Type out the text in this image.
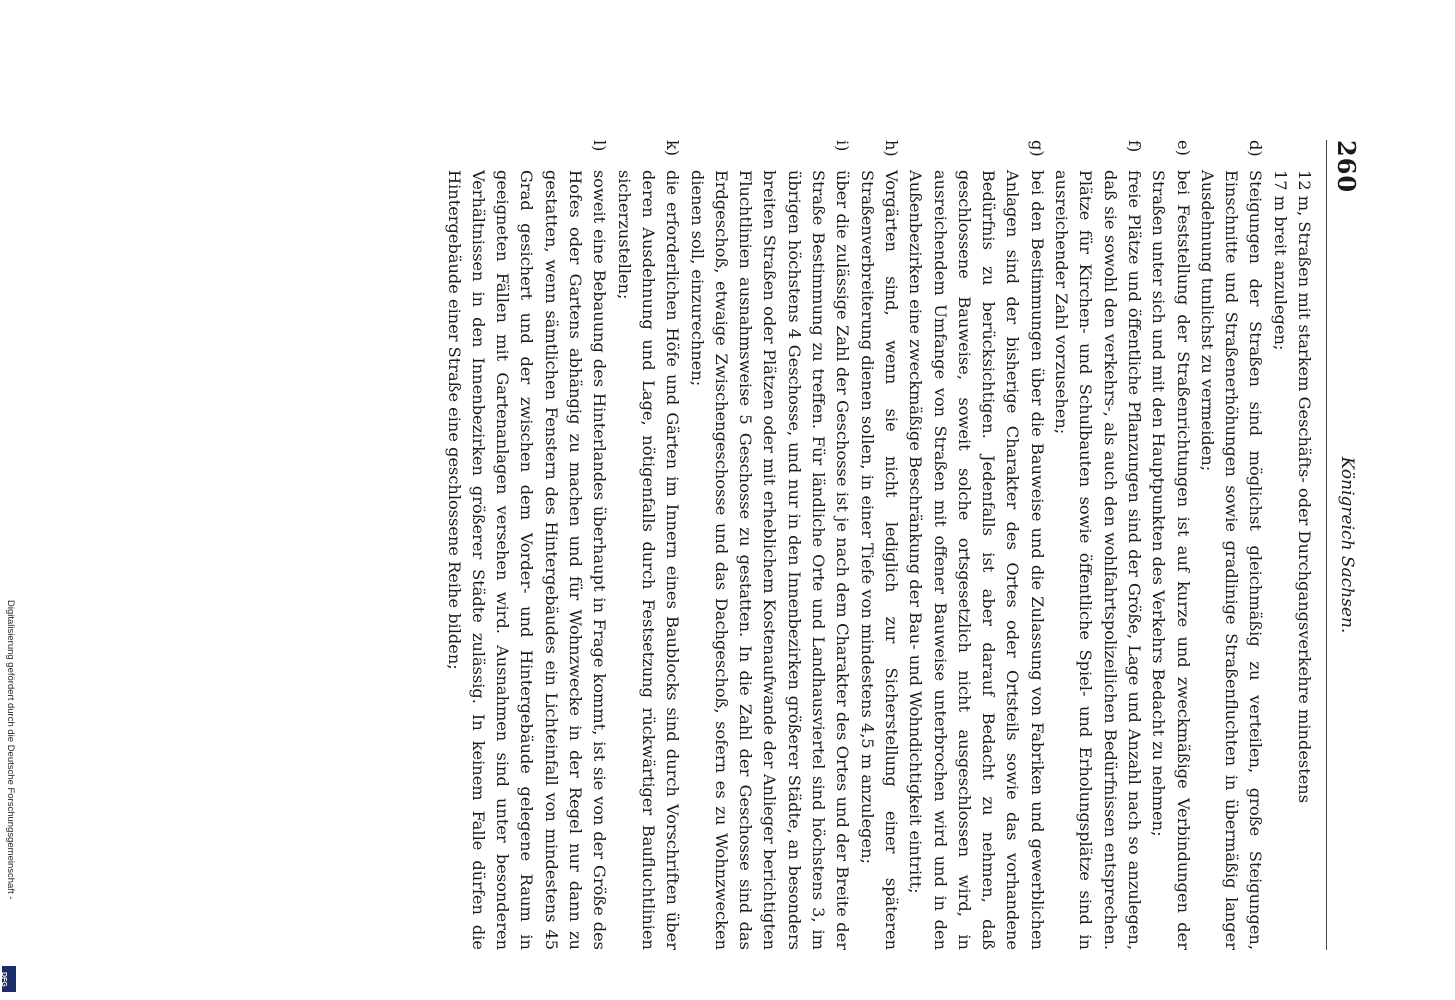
260
Königreich Sachsen.

12 m, Straßen mit starkem Geschäfts- oder Durchgangsverkehre mindestens

17 m breit anzulegen;

d)
Steigungen der Straßen sind möglichst gleichmäßig zu verteilen, große Steigungen, Einschnitte und Straßenerhöhungen sowie gradlinige Straßenfluchten in übermäßig langer Ausdehnung tunlichst zu vermeiden;
e)
bei Feststellung der Straßenrichtungen ist auf kurze und zweckmäßige Verbindungen der Straßen unter sich und mit den Hauptpunkten des Verkehrs Bedacht zu nehmen;
f)
freie Plätze und öffentliche Pflanzungen sind der Größe, Lage und Anzahl nach so anzulegen, daß sie sowohl den verkehrs-, als auch den wohlfahrtspolizeilichen Bedürfnissen entsprechen. Plätze für Kirchen- und Schulbauten sowie öffentliche Spiel- und Erholungsplätze sind in ausreichender Zahl vorzusehen;
g)
bei den Bestimmungen über die Bauweise und die Zulassung von Fabriken und gewerblichen Anlagen sind der bisherige Charakter des Ortes oder Ortsteils sowie das vorhandene Bedürfnis zu berücksichtigen. Jedenfalls ist aber darauf Bedacht zu nehmen, daß geschlossene Bauweise, soweit solche ortsgesetzlich nicht ausgeschlossen wird, in ausreichendem Umfange von Straßen mit offener Bauweise unterbrochen wird und in den Außenbezirken eine zweckmäßige Beschränkung der Bau- und Wohndichtigkeit eintritt;
h)
Vorgärten sind, wenn sie nicht lediglich zur Sicherstellung einer späteren Straßenverbreiterung dienen sollen, in einer Tiefe von mindestens 4,5 m anzulegen;
i)
über die zulässige Zahl der Geschosse ist je nach dem Charakter des Ortes und der Breite der Straße Bestimmung zu treffen. Für ländliche Orte und Landhausviertel sind höchstens 3, im übrigen höchstens 4 Geschosse, und nur in den Innenbezirken größerer Städte, an besonders breiten Straßen oder Plätzen oder mit erheblichem Kostenaufwande der Anlieger berichtigten Fluchtlinien ausnahmsweise 5 Geschosse zu gestatten. In die Zahl der Geschosse sind das Erdgeschoß, etwaige Zwischengeschosse und das Dachgeschoß, sofern es zu Wohnzwecken dienen soll, einzurechnen;
k)
die erforderlichen Höfe und Gärten im Innern eines Baublocks sind durch Vorschriften über deren Ausdehnung und Lage, nötigenfalls durch Festsetzung rückwärtiger Baufluchtlinien sicherzustellen;
l)
soweit eine Bebauung des Hinterlandes überhaupt in Frage kommt, ist sie von der Größe des Hofes oder Gartens abhängig zu machen und für Wohnzwecke in der Regel nur dann zu gestatten, wenn sämtlichen Fenstern des Hintergebäudes ein Lichteinfall von mindestens 45 Grad gesichert und der zwischen dem Vorder- und Hintergebäude gelegene Raum in geeigneten Fällen mit Gartenanlagen versehen wird. Ausnahmen sind unter besonderen Verhältnissen in den Innenbezirken größerer Städte zulässig. In keinem Falle dürfen die Hintergebäude einer Straße eine geschlossene Reihe bilden;
Digitalisierung gefördert durch die Deutsche Forschungsgemeinschaft -
DFG
